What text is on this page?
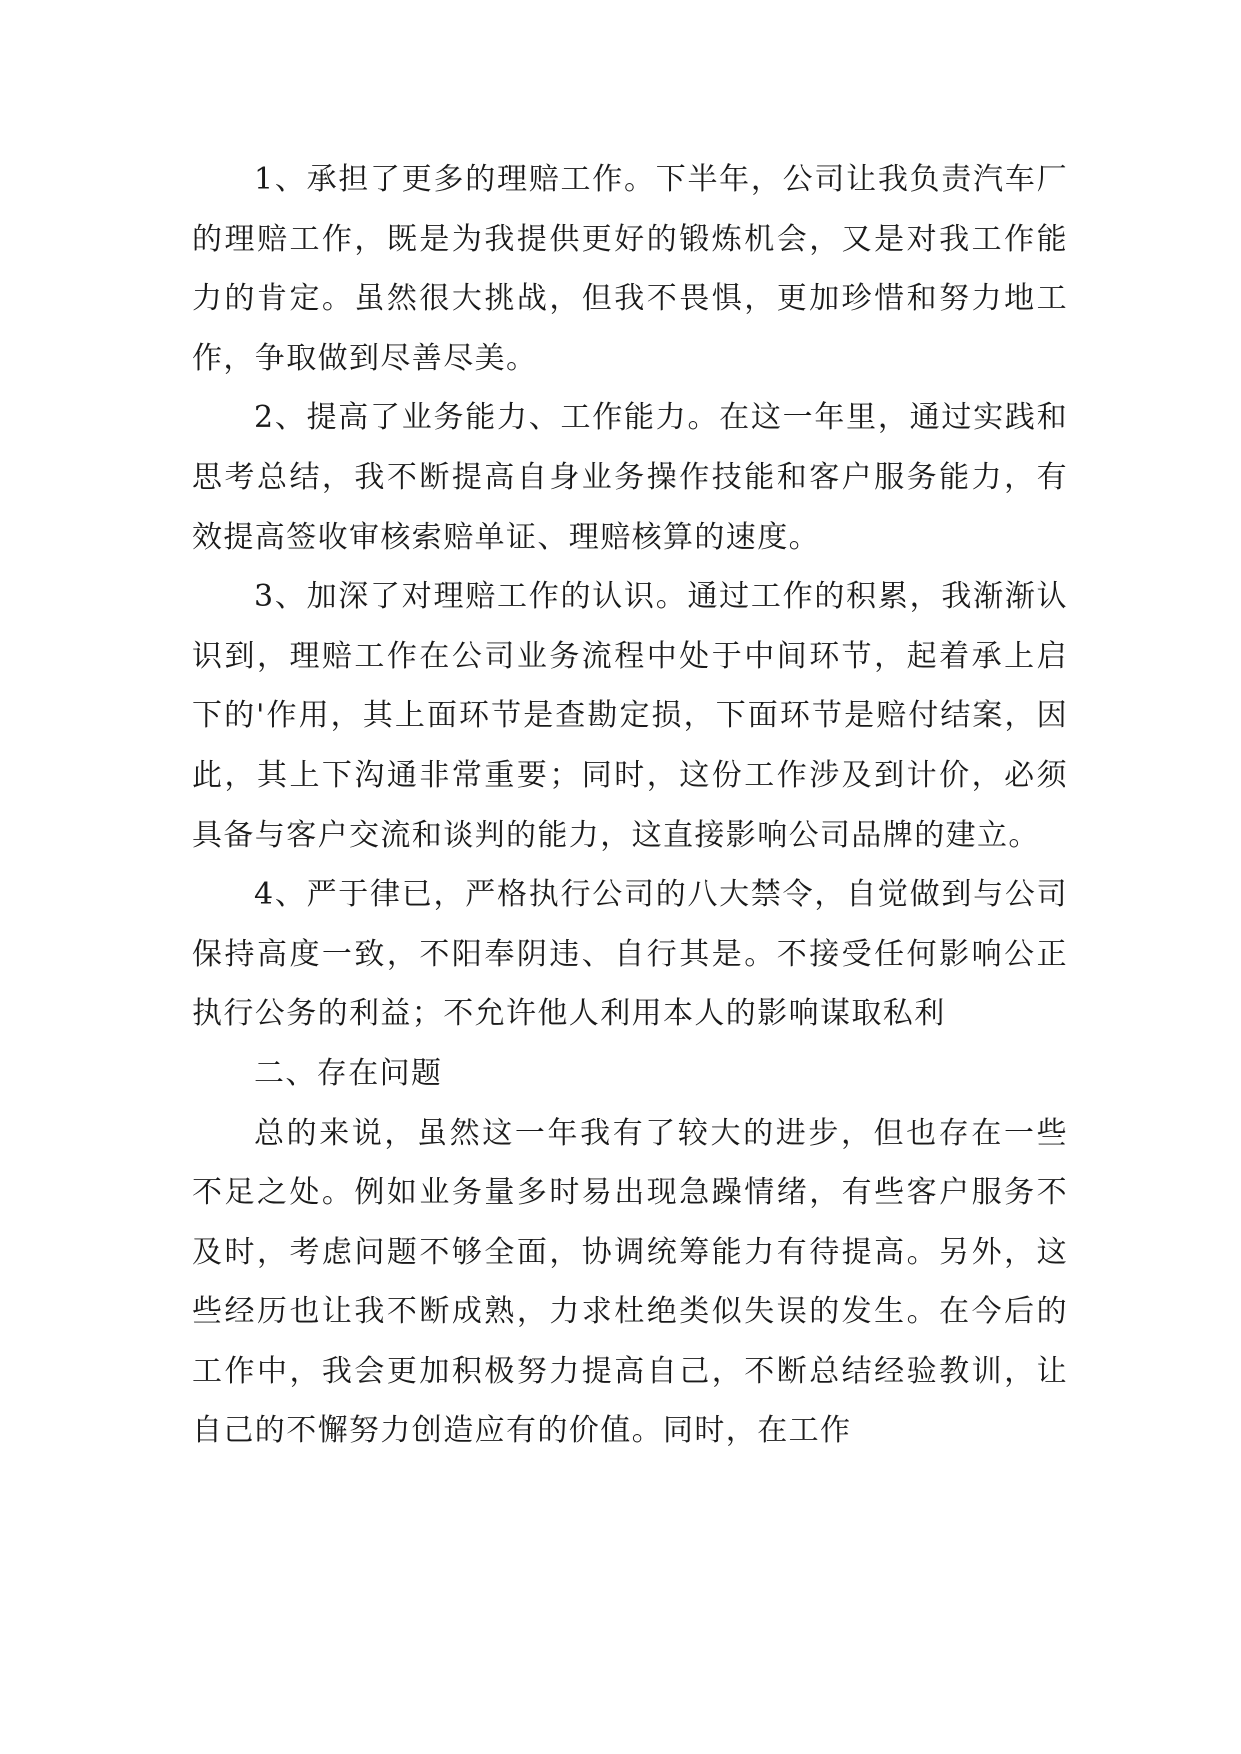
1、承担了更多的理赔工作。下半年，公司让我负责汽车厂的理赔工作，既是为我提供更好的锻炼机会，又是对我工作能力的肯定。虽然很大挑战，但我不畏惧，更加珍惜和努力地工作，争取做到尽善尽美。

2、提高了业务能力、工作能力。在这一年里，通过实践和思考总结，我不断提高自身业务操作技能和客户服务能力，有效提高签收审核索赔单证、理赔核算的速度。

3、加深了对理赔工作的认识。通过工作的积累，我渐渐认识到，理赔工作在公司业务流程中处于中间环节，起着承上启下的'作用，其上面环节是查勘定损，下面环节是赔付结案，因此，其上下沟通非常重要；同时，这份工作涉及到计价，必须具备与客户交流和谈判的能力，这直接影响公司品牌的建立。

4、严于律已，严格执行公司的八大禁令，自觉做到与公司保持高度一致，不阳奉阴违、自行其是。不接受任何影响公正执行公务的利益；不允许他人利用本人的影响谋取私利

二、存在问题

总的来说，虽然这一年我有了较大的进步，但也存在一些不足之处。例如业务量多时易出现急躁情绪，有些客户服务不及时，考虑问题不够全面，协调统筹能力有待提高。另外，这些经历也让我不断成熟，力求杜绝类似失误的发生。在今后的工作中，我会更加积极努力提高自己，不断总结经验教训，让自己的不懈努力创造应有的价值。同时，在工作
